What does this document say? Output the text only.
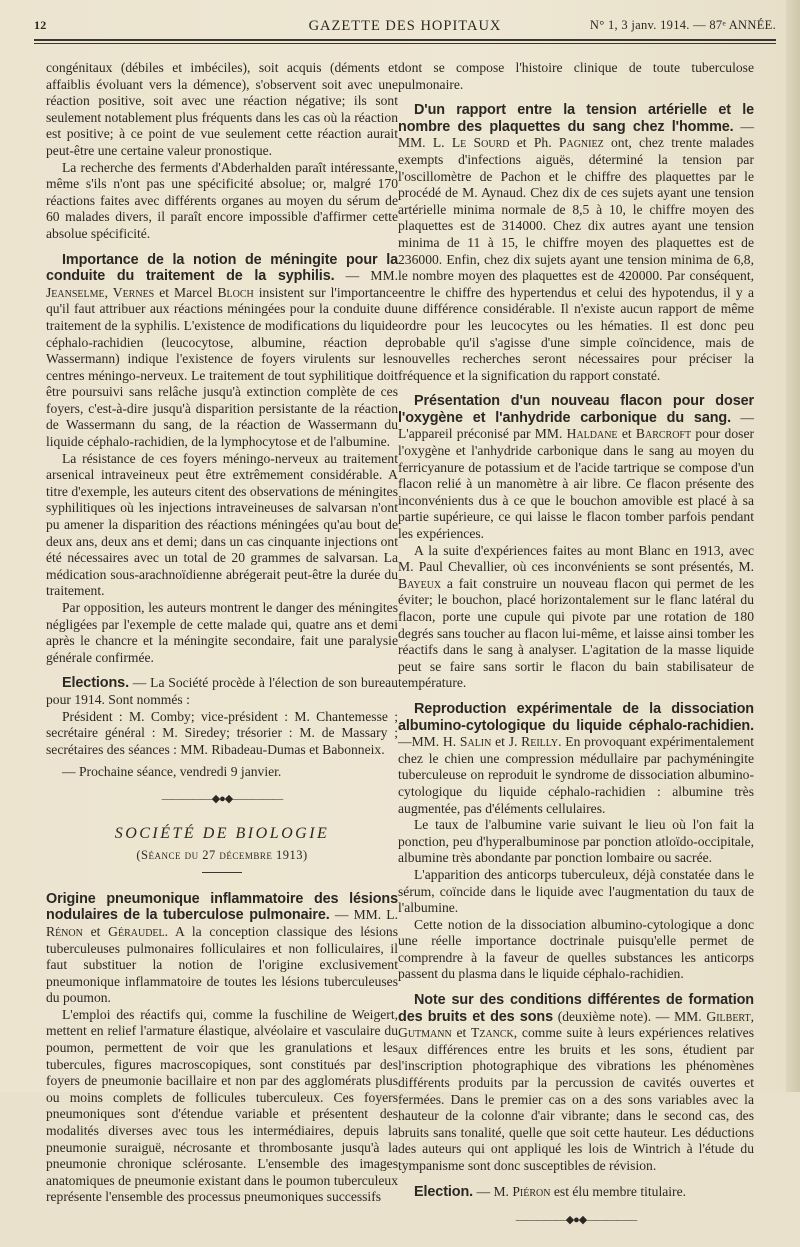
12	GAZETTE DES HOPITAUX	N° 1, 3 janv. 1914. — 87ᵉ ANNÉE.

congénitaux (débiles et imbéciles), soit acquis (déments et affaiblis évoluant vers la démence), s'observent soit avec une réaction positive, soit avec une réaction négative; ils sont seulement notablement plus fréquents dans les cas où la réaction est positive; à ce point de vue seulement cette réaction aurait peut-être une certaine valeur pronostique.

La recherche des ferments d'Abderhalden paraît intéressante, même s'ils n'ont pas une spécificité absolue; or, malgré 170 réactions faites avec différents organes au moyen du sérum de 60 malades divers, il paraît encore impossible d'affirmer cette absolue spécificité.

Importance de la notion de méningite pour la conduite du traitement de la syphilis. — MM. Jeanselme, Vernes et Marcel Bloch insistent sur l'importance qu'il faut attribuer aux réactions méningées pour la conduite du traitement de la syphilis. L'existence de modifications du liquide céphalo-rachidien (leucocytose, albumine, réaction de Wassermann) indique l'existence de foyers virulents sur les centres méningo-nerveux. Le traitement de tout syphilitique doit être poursuivi sans relâche jusqu'à extinction complète de ces foyers, c'est-à-dire jusqu'à disparition persistante de la réaction de Wassermann du sang, de la réaction de Wassermann du liquide céphalo-rachidien, de la lymphocytose et de l'albumine.

La résistance de ces foyers méningo-nerveux au traitement arsenical intraveineux peut être extrêmement considérable. A titre d'exemple, les auteurs citent des observations de méningites syphilitiques où les injections intraveineuses de salvarsan n'ont pu amener la disparition des réactions méningées qu'au bout de deux ans, deux ans et demi; dans un cas cinquante injections ont été nécessaires avec un total de 20 grammes de salvarsan. La médication sous-arachnoïdienne abrégerait peut-être la durée du traitement.

Par opposition, les auteurs montrent le danger des méningites négligées par l'exemple de cette malade qui, quatre ans et demi après le chancre et la méningite secondaire, fait une paralysie générale confirmée.

Elections. — La Société procède à l'élection de son bureau pour 1914. Sont nommés :

Président : M. Comby; vice-président : M. Chantemesse ; secrétaire général : M. Siredey; trésorier : M. de Massary ; secrétaires des séances : MM. Ribadeau-Dumas et Babonneix.

— Prochaine séance, vendredi 9 janvier.

—————◆●◆—————
SOCIÉTÉ DE BIOLOGIE
(Séance du 27 décembre 1913)

Origine pneumonique inflammatoire des lésions nodulaires de la tuberculose pulmonaire. — MM. L. Rénon et Géraudel. A la conception classique des lésions tuberculeuses pulmonaires folliculaires et non folliculaires, il faut substituer la notion de l'origine exclusivement pneumonique inflammatoire de toutes les lésions tuberculeuses du poumon.

L'emploi des réactifs qui, comme la fuschiline de Weigert, mettent en relief l'armature élastique, alvéolaire et vasculaire du poumon, permettent de voir que les granulations et les tubercules, figures macroscopiques, sont constitués par des foyers de pneumonie bacillaire et non par des agglomérats plus ou moins complets de follicules tuberculeux. Ces foyers pneumoniques sont d'étendue variable et présentent des modalités diverses avec tous les intermédiaires, depuis la pneumonie suraiguë, nécrosante et thrombosante jusqu'à la pneumonie chronique sclérosante. L'ensemble des images anatomiques de pneumonie existant dans le poumon tuberculeux représente l'ensemble des processus pneumoniques successifs

dont se compose l'histoire clinique de toute tuberculose pulmonaire.

D'un rapport entre la tension artérielle et le nombre des plaquettes du sang chez l'homme. — MM. L. Le Sourd et Ph. Pagniez ont, chez trente malades exempts d'infections aiguës, déterminé la tension par l'oscillomètre de Pachon et le chiffre des plaquettes par le procédé de M. Aynaud. Chez dix de ces sujets ayant une tension artérielle minima normale de 8,5 à 10, le chiffre moyen des plaquettes est de 314000. Chez dix autres ayant une tension minima de 11 à 15, le chiffre moyen des plaquettes est de 236000. Enfin, chez dix sujets ayant une tension minima de 6,8, le nombre moyen des plaquettes est de 420000. Par conséquent, entre le chiffre des hypertendus et celui des hypotendus, il y a une différence considérable. Il n'existe aucun rapport de même ordre pour les leucocytes ou les hématies. Il est donc peu probable qu'il s'agisse d'une simple coïncidence, mais de nouvelles recherches seront nécessaires pour préciser la fréquence et la signification du rapport constaté.

Présentation d'un nouveau flacon pour doser l'oxygène et l'anhydride carbonique du sang. — L'appareil préconisé par MM. Haldane et Barcroft pour doser l'oxygène et l'anhydride carbonique dans le sang au moyen du ferricyanure de potassium et de l'acide tartrique se compose d'un flacon relié à un manomètre à air libre. Ce flacon présente des inconvénients dus à ce que le bouchon amovible est placé à sa partie supérieure, ce qui laisse le flacon tomber parfois pendant les expériences.

A la suite d'expériences faites au mont Blanc en 1913, avec M. Paul Chevallier, où ces inconvénients se sont présentés, M. Bayeux a fait construire un nouveau flacon qui permet de les éviter; le bouchon, placé horizontalement sur le flanc latéral du flacon, porte une cupule qui pivote par une rotation de 180 degrés sans toucher au flacon lui-même, et laisse ainsi tomber les réactifs dans le sang à analyser. L'agitation de la masse liquide peut se faire sans sortir le flacon du bain stabilisateur de température.

Reproduction expérimentale de la dissociation albumino-cytologique du liquide céphalo-rachidien. —MM. H. Salin et J. Reilly. En provoquant expérimentalement chez le chien une compression médullaire par pachyméningite tuberculeuse on reproduit le syndrome de dissociation albumino-cytologique du liquide céphalo-rachidien : albumine très augmentée, pas d'éléments cellulaires.

Le taux de l'albumine varie suivant le lieu où l'on fait la ponction, peu d'hyperalbuminose par ponction atloïdo-occipitale, albumine très abondante par ponction lombaire ou sacrée.

L'apparition des anticorps tuberculeux, déjà constatée dans le sérum, coïncide dans le liquide avec l'augmentation du taux de l'albumine.

Cette notion de la dissociation albumino-cytologique a donc une réelle importance doctrinale puisqu'elle permet de comprendre à la faveur de quelles substances les anticorps passent du plasma dans le liquide céphalo-rachidien.

Note sur des conditions différentes de formation des bruits et des sons (deuxième note). — MM. Gilbert, Gutmann et Tzanck, comme suite à leurs expériences relatives aux différences entre les bruits et les sons, étudient par l'inscription photographique des vibrations les phénomènes différents produits par la percussion de cavités ouvertes et fermées. Dans le premier cas on a des sons variables avec la hauteur de la colonne d'air vibrante; dans le second cas, des bruits sans tonalité, quelle que soit cette hauteur. Les déductions des auteurs qui ont appliqué les lois de Wintrich à l'étude du tympanisme sont donc susceptibles de révision.

Election. — M. Piéron est élu membre titulaire.

—————◆●◆—————
